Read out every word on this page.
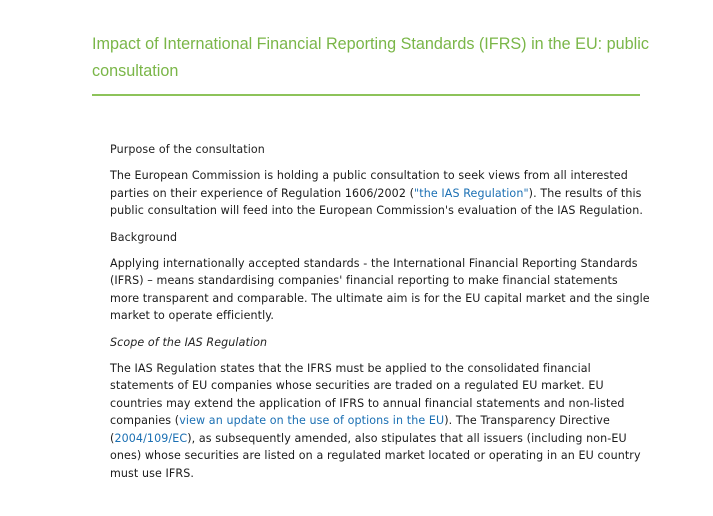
Impact of International Financial Reporting Standards (IFRS) in the EU: public consultation
Purpose of the consultation

The European Commission is holding a public consultation to seek views from all interested parties on their experience of Regulation 1606/2002 ("the IAS Regulation"). The results of this public consultation will feed into the European Commission's evaluation of the IAS Regulation.

Background

Applying internationally accepted standards - the International Financial Reporting Standards (IFRS) – means standardising companies' financial reporting to make financial statements more transparent and comparable. The ultimate aim is for the EU capital market and the single market to operate efficiently.

Scope of the IAS Regulation

The IAS Regulation states that the IFRS must be applied to the consolidated financial statements of EU companies whose securities are traded on a regulated EU market. EU countries may extend the application of IFRS to annual financial statements and non-listed companies (view an update on the use of options in the EU). The Transparency Directive (2004/109/EC), as subsequently amended, also stipulates that all issuers (including non-EU ones) whose securities are listed on a regulated market located or operating in an EU country must use IFRS.
